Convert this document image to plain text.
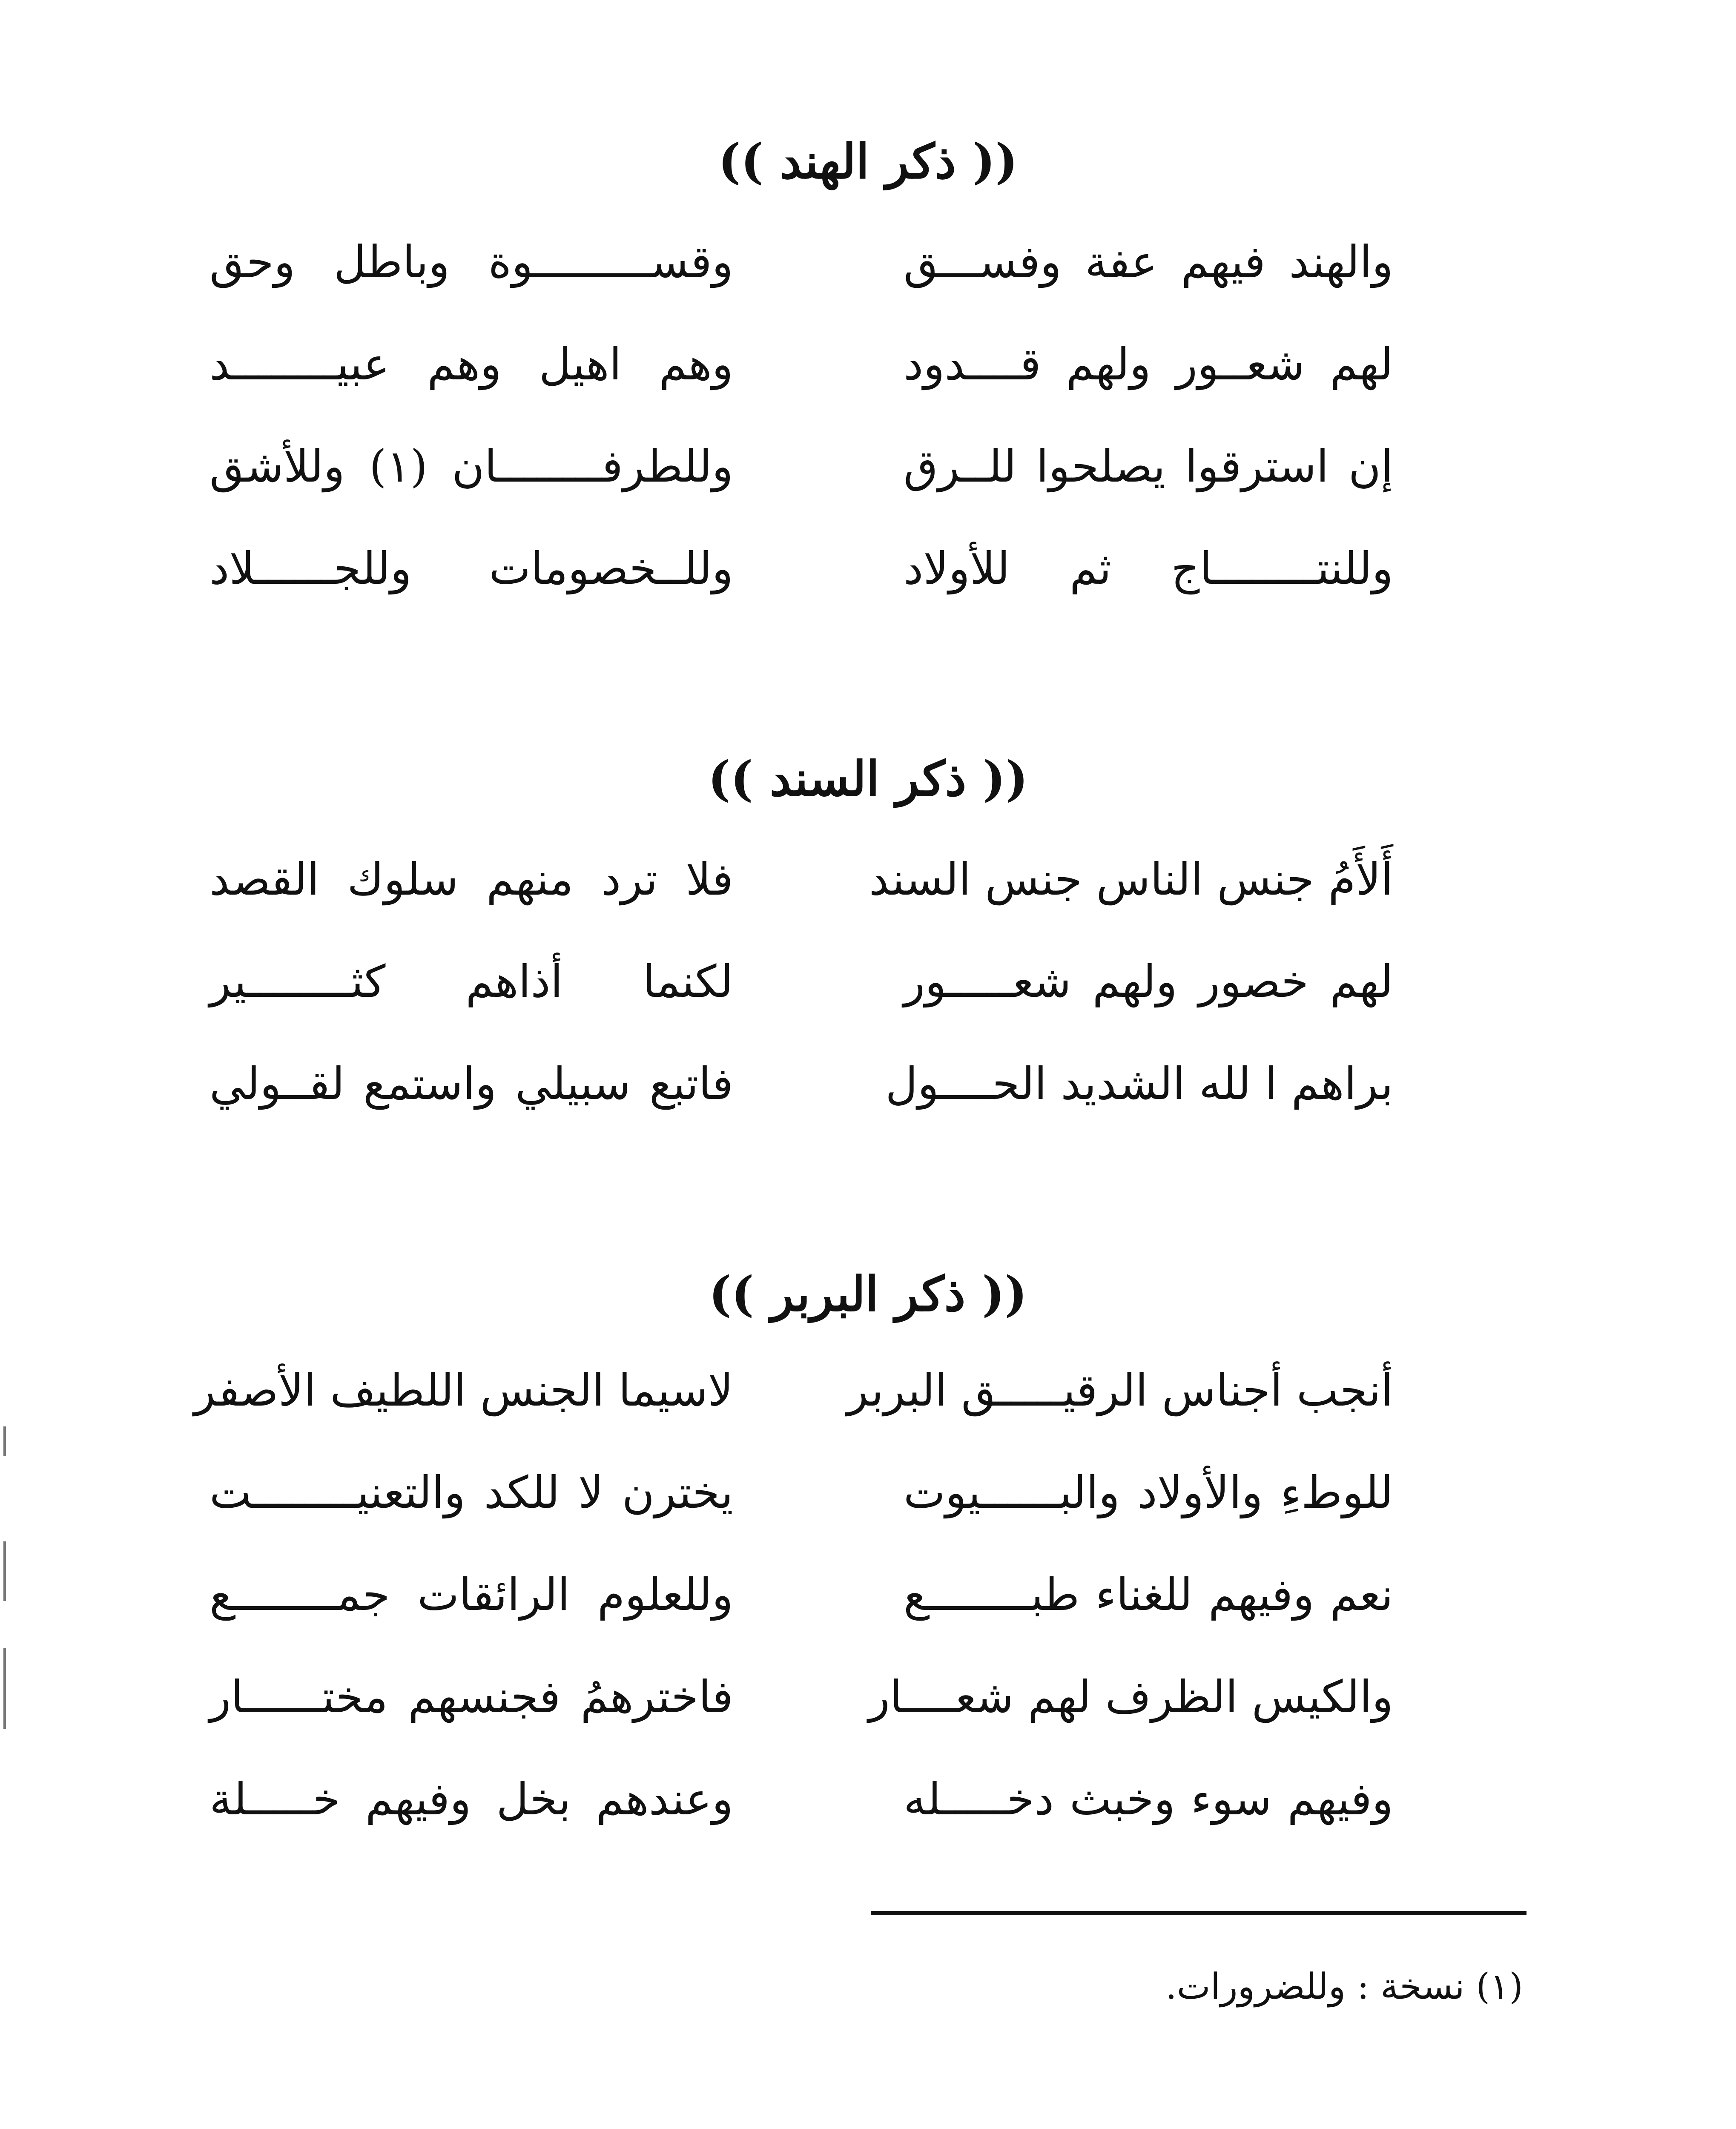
(( ذكر الهند ))
والهند فيهم عفة وفســـق
وقســـــــــوة وباطل وحق
لهم شعــور ولهم قــــدود
وهم اهيل وهم عبيــــــــد
إن استرقوا يصلحوا للــرق
وللطرفــــــــان (١) وللأشق
وللنتــــــــاج ثم للأولاد
وللــخصومات وللجــــــلاد
(( ذكر السند ))
أَلأَمُ جنس الناس جنس السند
فلا ترد منهم سلوك القصد
لهم خصور ولهم شعـــــور
لكنما أذاهم كثــــــــير
براهم ا لله الشديد الحــــول
فاتبع سبيلي واستمع لقــولي
(( ذكر البربر ))
أنجب أجناس الرقيـــــق البربر
لاسيما الجنس اللطيف الأصفر
للوطءِ والأولاد والبــــــيوت
يخترن لا للكد والتعنيــــــــت
نعم وفيهم للغناء طبــــــــع
وللعلوم الرائقات جمــــــــع
والكيس الظرف لهم شعــــار
فاخترهمُ فجنسهم مختــــــار
وفيهم سوء وخبث دخـــــله
وعندهم بخل وفيهم خـــــلة
(١) نسخة : وللضرورات.
